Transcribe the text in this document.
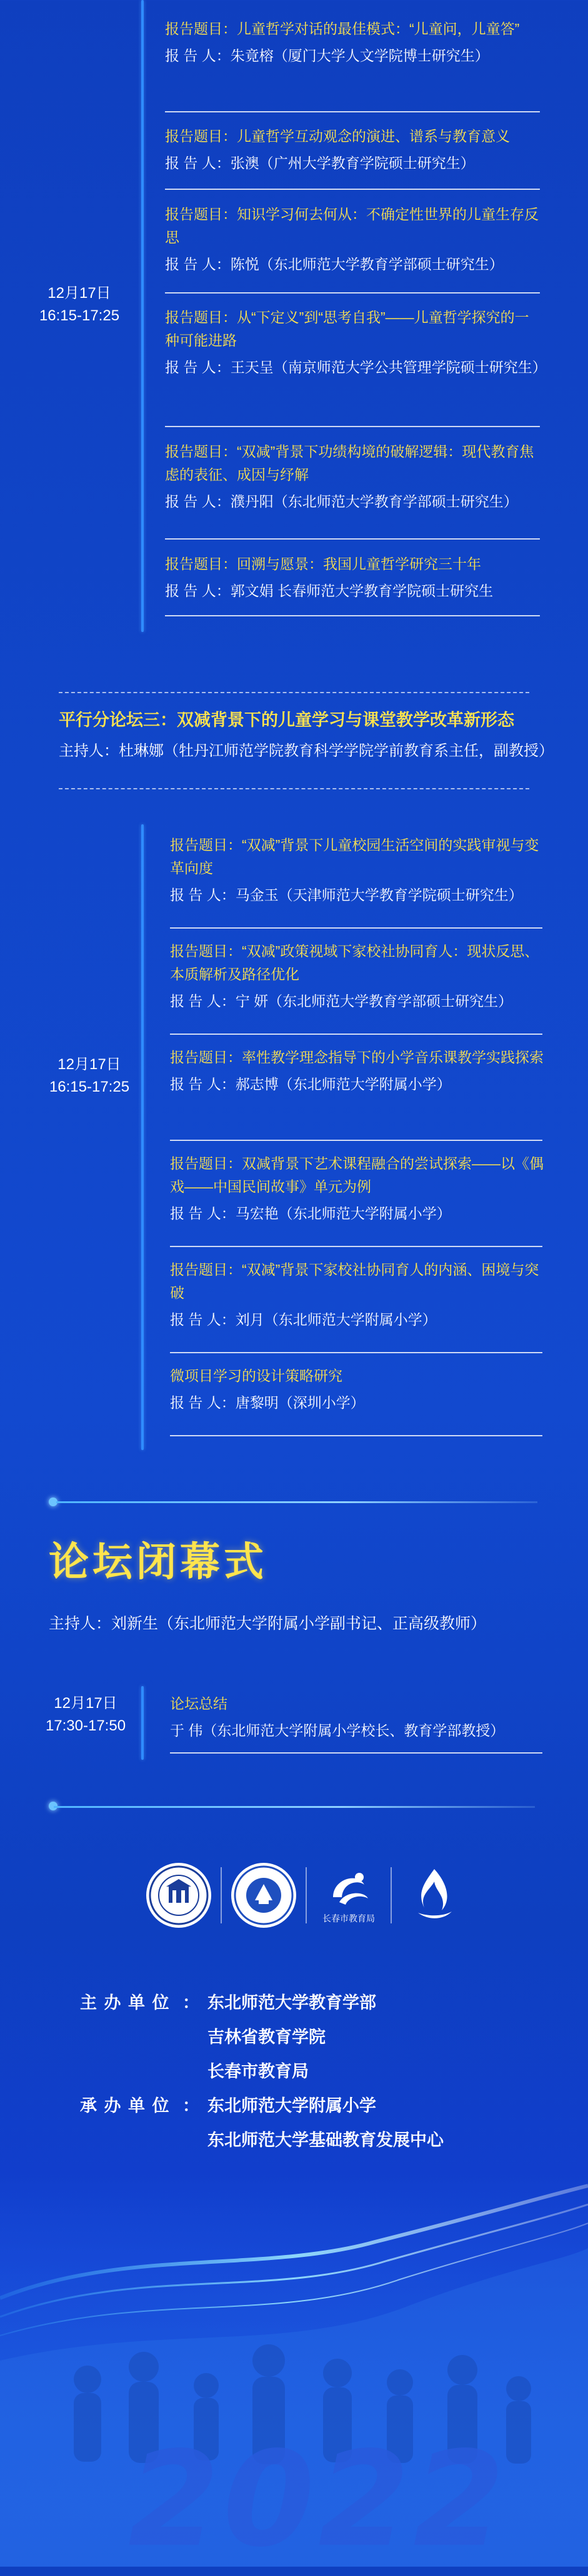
12月17日
16:15-17:25
报告题目：儿童哲学对话的最佳模式：“儿童问，儿童答”
报 告 人：朱竟榕（厦门大学人文学院博士研究生）
报告题目：儿童哲学互动观念的演进、谱系与教育意义
报 告 人：张澳（广州大学教育学院硕士研究生）
报告题目：知识学习何去何从：不确定性世界的儿童生存反思
报 告 人：陈悦（东北师范大学教育学部硕士研究生）
报告题目：从“下定义”到“思考自我”——儿童哲学探究的一种可能进路
报 告 人：王天呈（南京师范大学公共管理学院硕士研究生）
报告题目：“双减”背景下功绩构境的破解逻辑：现代教育焦虑的表征、成因与纾解
报 告 人：濮丹阳（东北师范大学教育学部硕士研究生）
报告题目：回溯与愿景：我国儿童哲学研究三十年
报 告 人：郭文娟 长春师范大学教育学院硕士研究生
平行分论坛三：双减背景下的儿童学习与课堂教学改革新形态
主持人：杜琳娜（牡丹江师范学院教育科学学院学前教育系主任，副教授）
12月17日
16:15-17:25
报告题目：“双减”背景下儿童校园生活空间的实践审视与变革向度
报 告 人：马金玉（天津师范大学教育学院硕士研究生）
报告题目：“双减”政策视域下家校社协同育人：现状反思、本质解析及路径优化
报 告 人：宁 妍（东北师范大学教育学部硕士研究生）
报告题目：率性教学理念指导下的小学音乐课教学实践探索
报 告 人：郝志博（东北师范大学附属小学）
报告题目：双减背景下艺术课程融合的尝试探索——以《偶戏——中国民间故事》单元为例
报 告 人：马宏艳（东北师范大学附属小学）
报告题目：“双减”背景下家校社协同育人的内涵、困境与突破
报 告 人：刘月（东北师范大学附属小学）
微项目学习的设计策略研究
报 告 人：唐黎明（深圳小学）
论坛闭幕式
主持人：刘新生（东北师范大学附属小学副书记、正高级教师）
12月17日
17:30-17:50
论坛总结
于 伟（东北师范大学附属小学校长、教育学部教授）
长春市教育局
主 办 单 位 ： 东北师范大学教育学部
吉林省教育学院
长春市教育局
承 办 单 位 ： 东北师范大学附属小学
东北师范大学基础教育发展中心
2022
